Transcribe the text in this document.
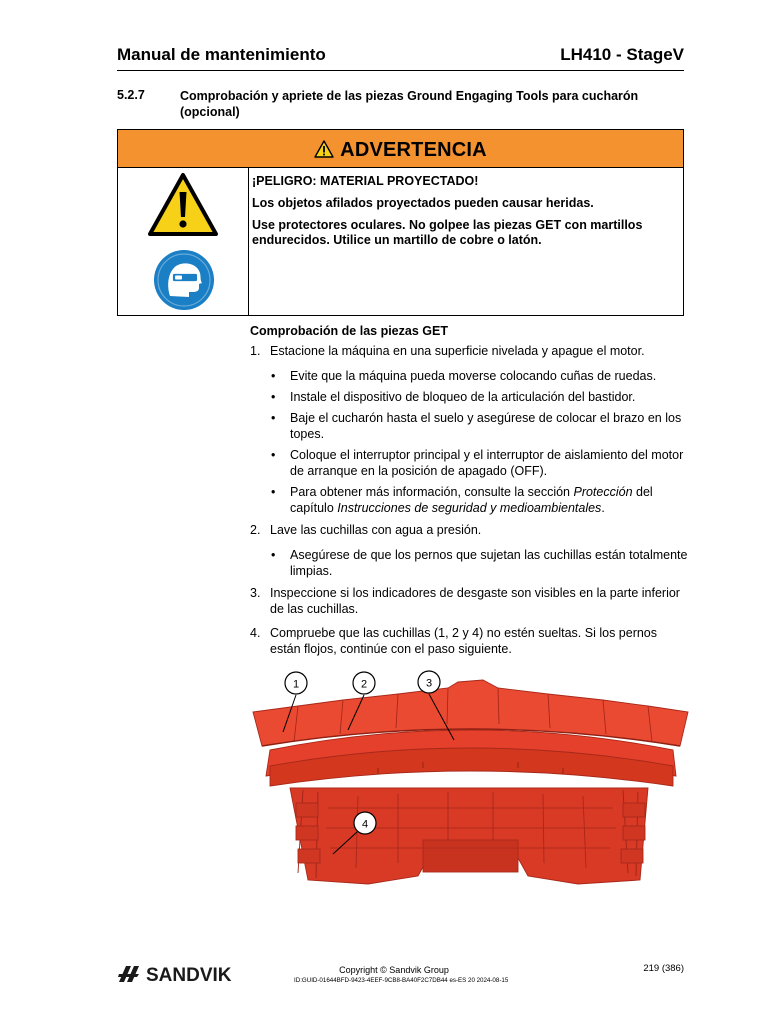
Manual de mantenimiento	LH410 - StageV
5.2.7	Comprobación y apriete de las piezas Ground Engaging Tools para cucharón (opcional)
ADVERTENCIA

¡PELIGRO: MATERIAL PROYECTADO!

Los objetos afilados proyectados pueden causar heridas.

Use protectores oculares. No golpee las piezas GET con martillos endurecidos. Utilice un martillo de cobre o latón.

Comprobación de las piezas GET
1. Estacione la máquina en una superficie nivelada y apague el motor.
• Evite que la máquina pueda moverse colocando cuñas de ruedas.
• Instale el dispositivo de bloqueo de la articulación del bastidor.
• Baje el cucharón hasta el suelo y asegúrese de colocar el brazo en los topes.
• Coloque el interruptor principal y el interruptor de aislamiento del motor de arranque en la posición de apagado (OFF).
• Para obtener más información, consulte la sección Protección del capítulo Instrucciones de seguridad y medioambientales.
2. Lave las cuchillas con agua a presión.
• Asegúrese de que los pernos que sujetan las cuchillas están totalmente limpias.
3. Inspeccione si los indicadores de desgaste son visibles en la parte inferior de las cuchillas.
4. Compruebe que las cuchillas (1, 2 y 4) no estén sueltas. Si los pernos están flojos, continúe con el paso siguiente.
1	2	3
4
SANDVIK	Copyright © Sandvik Group
ID:GUID-01644BFD-9423-4EEF-9CB8-BA40F2C7DB44 es-ES 20 2024-08-15
219 (386)
